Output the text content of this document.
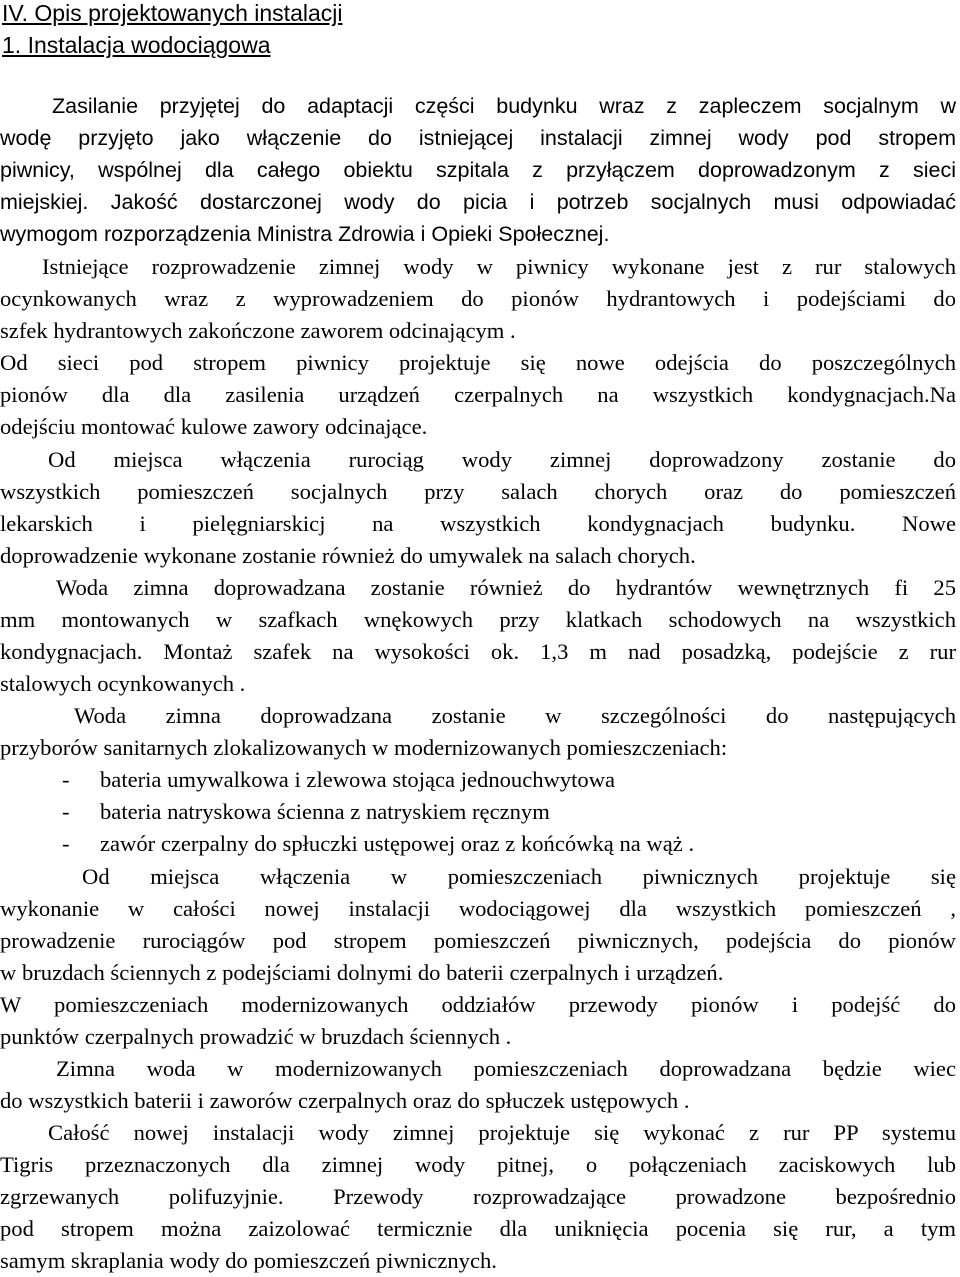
IV. Opis projektowanych instalacji
1. Instalacja wodociągowa
Zasilanie przyjętej do adaptacji części budynku wraz z zapleczem socjalnym w
wodę przyjęto jako włączenie do istniejącej instalacji zimnej wody pod stropem
piwnicy, wspólnej dla całego obiektu szpitala z przyłączem doprowadzonym z sieci
miejskiej. Jakość dostarczonej wody do picia i potrzeb socjalnych musi odpowiadać
wymogom rozporządzenia Ministra Zdrowia i Opieki Społecznej.
Istniejące rozprowadzenie zimnej wody w piwnicy wykonane jest z rur stalowych
ocynkowanych wraz z wyprowadzeniem do pionów hydrantowych i podejściami do
szfek hydrantowych zakończone zaworem odcinającym .
Od sieci pod stropem piwnicy projektuje się nowe odejścia do poszczególnych
pionów dla dla zasilenia urządzeń czerpalnych na wszystkich kondygnacjach.Na
odejściu montować kulowe zawory odcinające.
Od miejsca włączenia rurociąg wody zimnej doprowadzony zostanie do
wszystkich pomieszczeń socjalnych przy salach chorych oraz do pomieszczeń
lekarskich i pielęgniarskicj na wszystkich kondygnacjach budynku. Nowe
doprowadzenie wykonane zostanie również do umywalek na salach chorych.
Woda zimna doprowadzana zostanie również do hydrantów wewnętrznych fi 25
mm montowanych w szafkach wnękowych przy klatkach schodowych na wszystkich
kondygnacjach. Montaż szafek na wysokości ok. 1,3 m nad posadzką, podejście z rur
stalowych ocynkowanych .
Woda zimna doprowadzana zostanie w szczególności do następujących
przyborów sanitarnych zlokalizowanych w modernizowanych pomieszczeniach:
- bateria umywalkowa i zlewowa stojąca jednouchwytowa
- bateria natryskowa ścienna z natryskiem ręcznym
- zawór czerpalny do spłuczki ustępowej oraz z końcówką na wąż .
Od miejsca włączenia w pomieszczeniach piwnicznych projektuje się
wykonanie w całości nowej instalacji wodociągowej dla wszystkich pomieszczeń ,
prowadzenie rurociągów pod stropem pomieszczeń piwnicznych, podejścia do pionów
w bruzdach ściennych z podejściami dolnymi do baterii czerpalnych i urządzeń.
W pomieszczeniach modernizowanych oddziałów przewody pionów i podejść do
punktów czerpalnych prowadzić w bruzdach ściennych .
Zimna woda w modernizowanych pomieszczeniach doprowadzana będzie wiec
do wszystkich baterii i zaworów czerpalnych oraz do spłuczek ustępowych .
Całość nowej instalacji wody zimnej projektuje się wykonać z rur PP systemu
Tigris przeznaczonych dla zimnej wody pitnej, o połączeniach zaciskowych lub
zgrzewanych polifuzyjnie. Przewody rozprowadzające prowadzone bezpośrednio
pod stropem można zaizolować termicznie dla uniknięcia pocenia się rur, a tym
samym skraplania wody do pomieszczeń piwnicznych.
